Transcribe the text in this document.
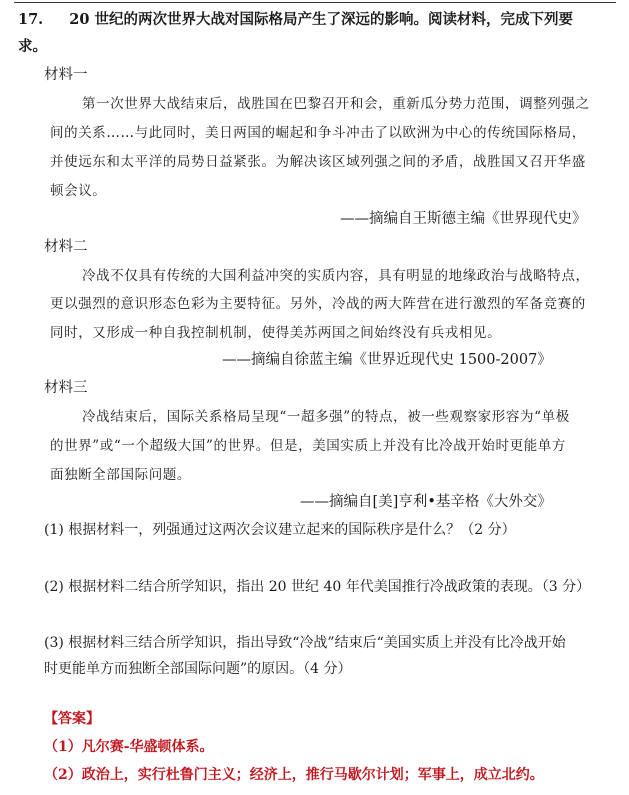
17. 20 世纪的两次世界大战对国际格局产生了深远的影响。阅读材料，完成下列要
求。
材料一
第一次世界大战结束后，战胜国在巴黎召开和会，重新瓜分势力范围，调整列强之
间的关系……与此同时，美日两国的崛起和争斗冲击了以欧洲为中心的传统国际格局，
并使远东和太平洋的局势日益紧张。为解决该区域列强之间的矛盾，战胜国又召开华盛
顿会议。
——摘编自王斯德主编《世界现代史》
材料二
冷战不仅具有传统的大国利益冲突的实质内容，具有明显的地缘政治与战略特点，
更以强烈的意识形态色彩为主要特征。另外，冷战的两大阵营在进行激烈的军备竞赛的
同时，又形成一种自我控制机制，使得美苏两国之间始终没有兵戎相见。
——摘编自徐蓝主编《世界近现代史 1500-2007》
材料三
冷战结束后，国际关系格局呈现“一超多强”的特点，被一些观察家形容为“单极
的世界”或“一个超级大国”的世界。但是，美国实质上并没有比冷战开始时更能单方
面独断全部国际问题。
——摘编自[美]亨利•基辛格《大外交》
(1) 根据材料一，列强通过这两次会议建立起来的国际秩序是什么？（2 分）
(2) 根据材料二结合所学知识，指出 20 世纪 40 年代美国推行冷战政策的表现。（3 分）
(3) 根据材料三结合所学知识，指出导致“冷战”结束后“美国实质上并没有比冷战开始
时更能单方而独断全部国际问题”的原因。（4 分）
【答案】
（1）凡尔赛-华盛顿体系。
（2）政治上，实行杜鲁门主义；经济上，推行马歇尔计划；军事上，成立北约。
